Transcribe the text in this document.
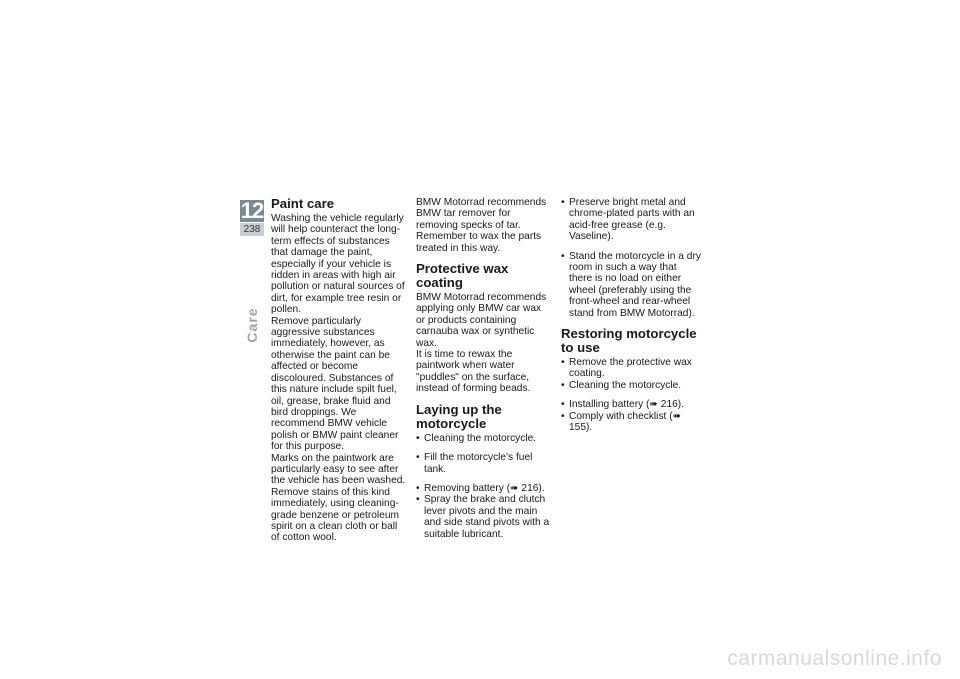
12
238
Care
Paint care

Washing the vehicle regularly will help counteract the long-term effects of substances that damage the paint, especially if your vehicle is ridden in areas with high air pollution or natural sources of dirt, for example tree resin or pollen.

Remove particularly aggressive substances immediately, however, as otherwise the paint can be affected or become discoloured. Substances of this nature include spilt fuel, oil, grease, brake fluid and bird droppings. We recommend BMW vehicle polish or BMW paint cleaner for this purpose.

Marks on the paintwork are particularly easy to see after the vehicle has been washed. Remove stains of this kind immediately, using cleaning-grade benzene or petroleum spirit on a clean cloth or ball of cotton wool.

BMW Motorrad recommends BMW tar remover for removing specks of tar. Remember to wax the parts treated in this way.

Protective wax coating

BMW Motorrad recommends applying only BMW car wax or products containing carnauba wax or synthetic wax.

It is time to rewax the paintwork when water "puddles" on the surface, instead of forming beads.

Laying up the motorcycle
• Cleaning the motorcycle.
• Fill the motorcycle's fuel tank.
• Removing battery (➠ 216).
• Spray the brake and clutch lever pivots and the main and side stand pivots with a suitable lubricant.
• Preserve bright metal and chrome-plated parts with an acid-free grease (e.g. Vaseline).
• Stand the motorcycle in a dry room in such a way that there is no load on either wheel (preferably using the front-wheel and rear-wheel stand from BMW Motorrad).
Restoring motorcycle to use
• Remove the protective wax coating.
• Cleaning the motorcycle.
• Installing battery (➠ 216).
• Comply with checklist (➠ 155).
carmanualsonline.info
